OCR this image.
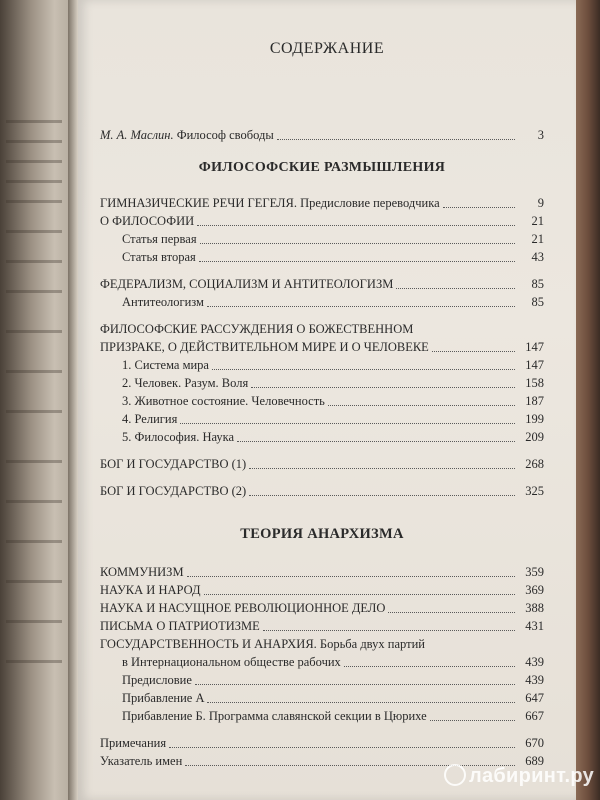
СОДЕРЖАНИЕ
М. А. Маслин. Философ свободы	3
ФИЛОСОФСКИЕ РАЗМЫШЛЕНИЯ
ГИМНАЗИЧЕСКИЕ РЕЧИ ГЕГЕЛЯ. Предисловие переводчика	9
О ФИЛОСОФИИ	21
Статья первая	21
Статья вторая	43
ФЕДЕРАЛИЗМ, СОЦИАЛИЗМ И АНТИТЕОЛОГИЗМ	85
Антитеологизм	85
ФИЛОСОФСКИЕ РАССУЖДЕНИЯ О БОЖЕСТВЕННОМ
ПРИЗРАКЕ, О ДЕЙСТВИТЕЛЬНОМ МИРЕ И О ЧЕЛОВЕКЕ	147
1. Система мира	147
2. Человек. Разум. Воля	158
3. Животное состояние. Человечность	187
4. Религия	199
5. Философия. Наука	209
БОГ И ГОСУДАРСТВО (1)	268
БОГ И ГОСУДАРСТВО (2)	325
ТЕОРИЯ АНАРХИЗМА
КОММУНИЗМ	359
НАУКА И НАРОД	369
НАУКА И НАСУЩНОЕ РЕВОЛЮЦИОННОЕ ДЕЛО	388
ПИСЬМА О ПАТРИОТИЗМЕ	431
ГОСУДАРСТВЕННОСТЬ И АНАРХИЯ. Борьба двух партий
в Интернациональном обществе рабочих	439
Предисловие	439
Прибавление А	647
Прибавление Б. Программа славянской секции в Цюрихе	667
Примечания	670
Указатель имен	689
лабиринт.ру
